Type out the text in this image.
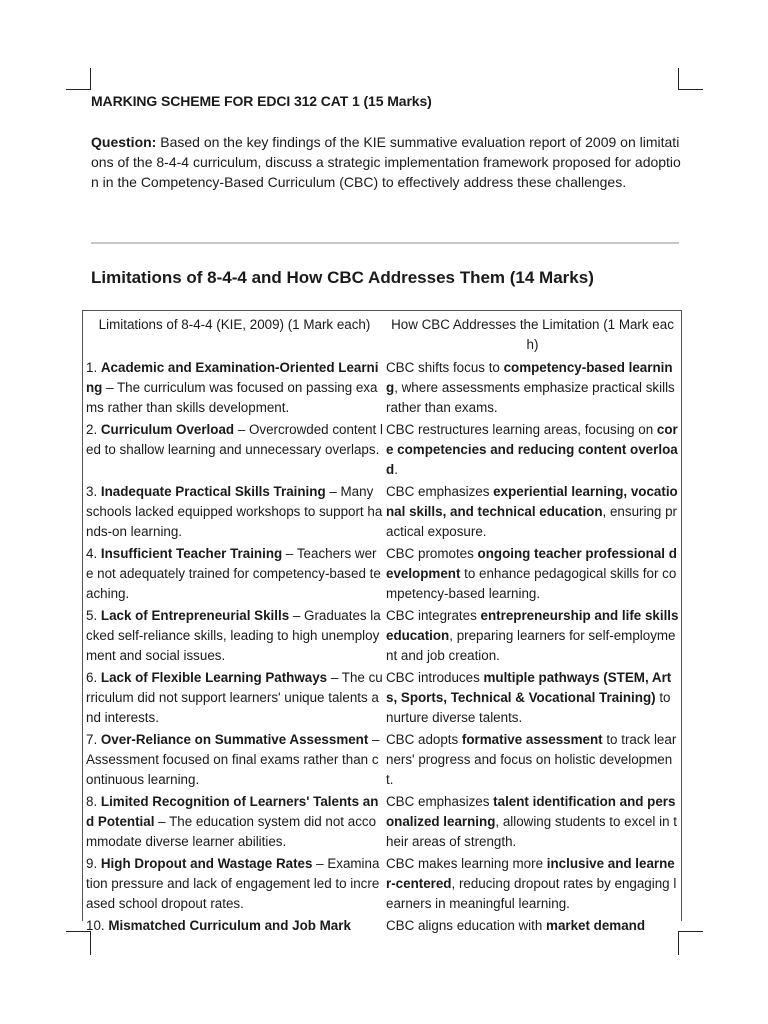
MARKING SCHEME FOR EDCI 312 CAT 1 (15 Marks)
Question: Based on the key findings of the KIE summative evaluation report of 2009 on limitations of the 8-4-4 curriculum, discuss a strategic implementation framework proposed for adoption in the Competency-Based Curriculum (CBC) to effectively address these challenges.
Limitations of 8-4-4 and How CBC Addresses Them (14 Marks)
Limitations of 8-4-4 (KIE, 2009) (1 Mark each)	How CBC Addresses the Limitation (1 Mark each)
1. Academic and Examination-Oriented Learning – The curriculum was focused on passing exams rather than skills development.	CBC shifts focus to competency-based learning, where assessments emphasize practical skills rather than exams.
2. Curriculum Overload – Overcrowded content led to shallow learning and unnecessary overlaps.	CBC restructures learning areas, focusing on core competencies and reducing content overload.
3. Inadequate Practical Skills Training – Many schools lacked equipped workshops to support hands-on learning.	CBC emphasizes experiential learning, vocational skills, and technical education, ensuring practical exposure.
4. Insufficient Teacher Training – Teachers were not adequately trained for competency-based teaching.	CBC promotes ongoing teacher professional development to enhance pedagogical skills for competency-based learning.
5. Lack of Entrepreneurial Skills – Graduates lacked self-reliance skills, leading to high unemployment and social issues.	CBC integrates entrepreneurship and life skills education, preparing learners for self-employment and job creation.
6. Lack of Flexible Learning Pathways – The curriculum did not support learners' unique talents and interests.	CBC introduces multiple pathways (STEM, Arts, Sports, Technical & Vocational Training) to nurture diverse talents.
7. Over-Reliance on Summative Assessment – Assessment focused on final exams rather than continuous learning.	CBC adopts formative assessment to track learners' progress and focus on holistic development.
8. Limited Recognition of Learners' Talents and Potential – The education system did not accommodate diverse learner abilities.	CBC emphasizes talent identification and personalized learning, allowing students to excel in their areas of strength.
9. High Dropout and Wastage Rates – Examination pressure and lack of engagement led to increased school dropout rates.	CBC makes learning more inclusive and learner-centered, reducing dropout rates by engaging learners in meaningful learning.
10. Mismatched Curriculum and Job Mark	CBC aligns education with market demand
